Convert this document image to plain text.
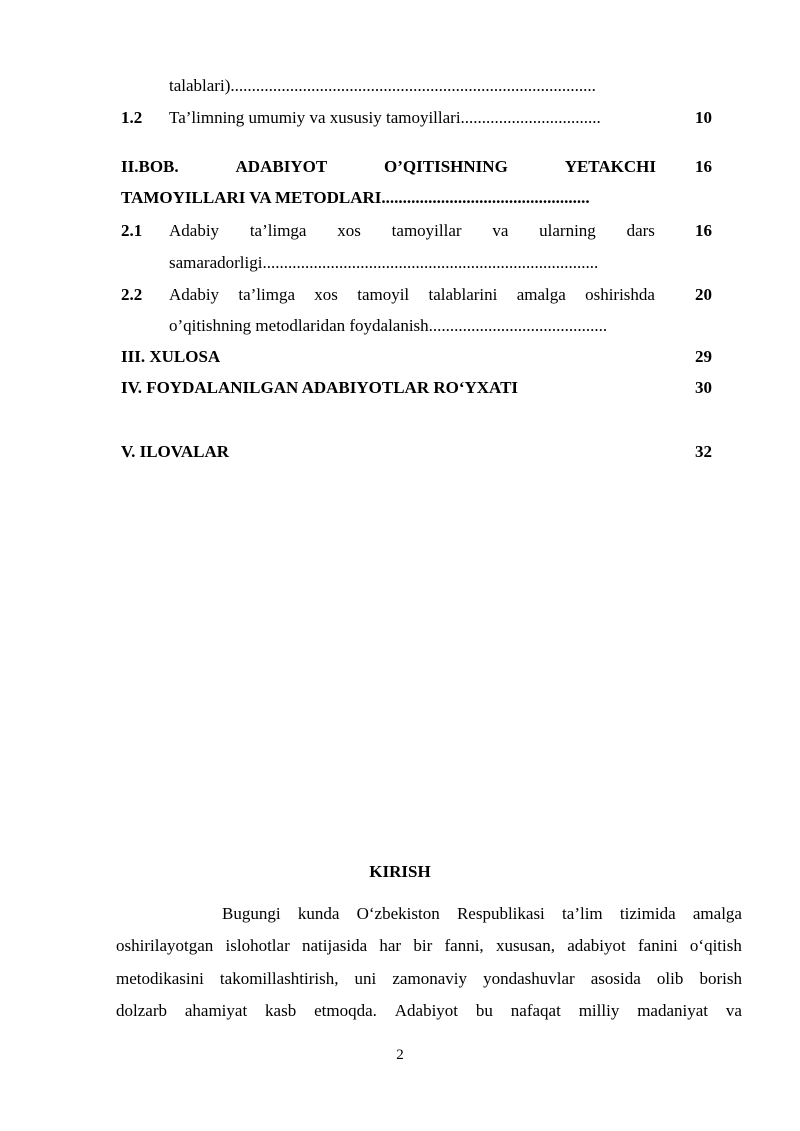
talablari)......................................................................................
1.2 Ta’limning umumiy va xususiy tamoyillari.................................	10
II.BOB.	ADABIYOT	O’QITISHNING	YETAKCHI 16
TAMOYILLARI VA METODLARI.................................................
2.1 Adabiy ta’limga xos tamoyillar va ularning dars 16
samaradorligi...............................................................................
2.2 Adabiy ta’limga xos tamoyil talablarini amalga oshirishda 20
o’qitishning metodlaridan foydalanish..........................................
III. XULOSA	29
IV. FOYDALANILGAN ADABIYOTLAR RO‘YXATI	30
V. ILOVALAR	32
KIRISH
Bugungi kunda O‘zbekiston Respublikasi ta’lim tizimida amalga
oshirilayotgan islohotlar natijasida har bir fanni, xususan, adabiyot fanini o‘qitish
metodikasini takomillashtirish, uni zamonaviy yondashuvlar asosida olib borish
dolzarb ahamiyat kasb etmoqda. Adabiyot bu nafaqat milliy madaniyat va
2
